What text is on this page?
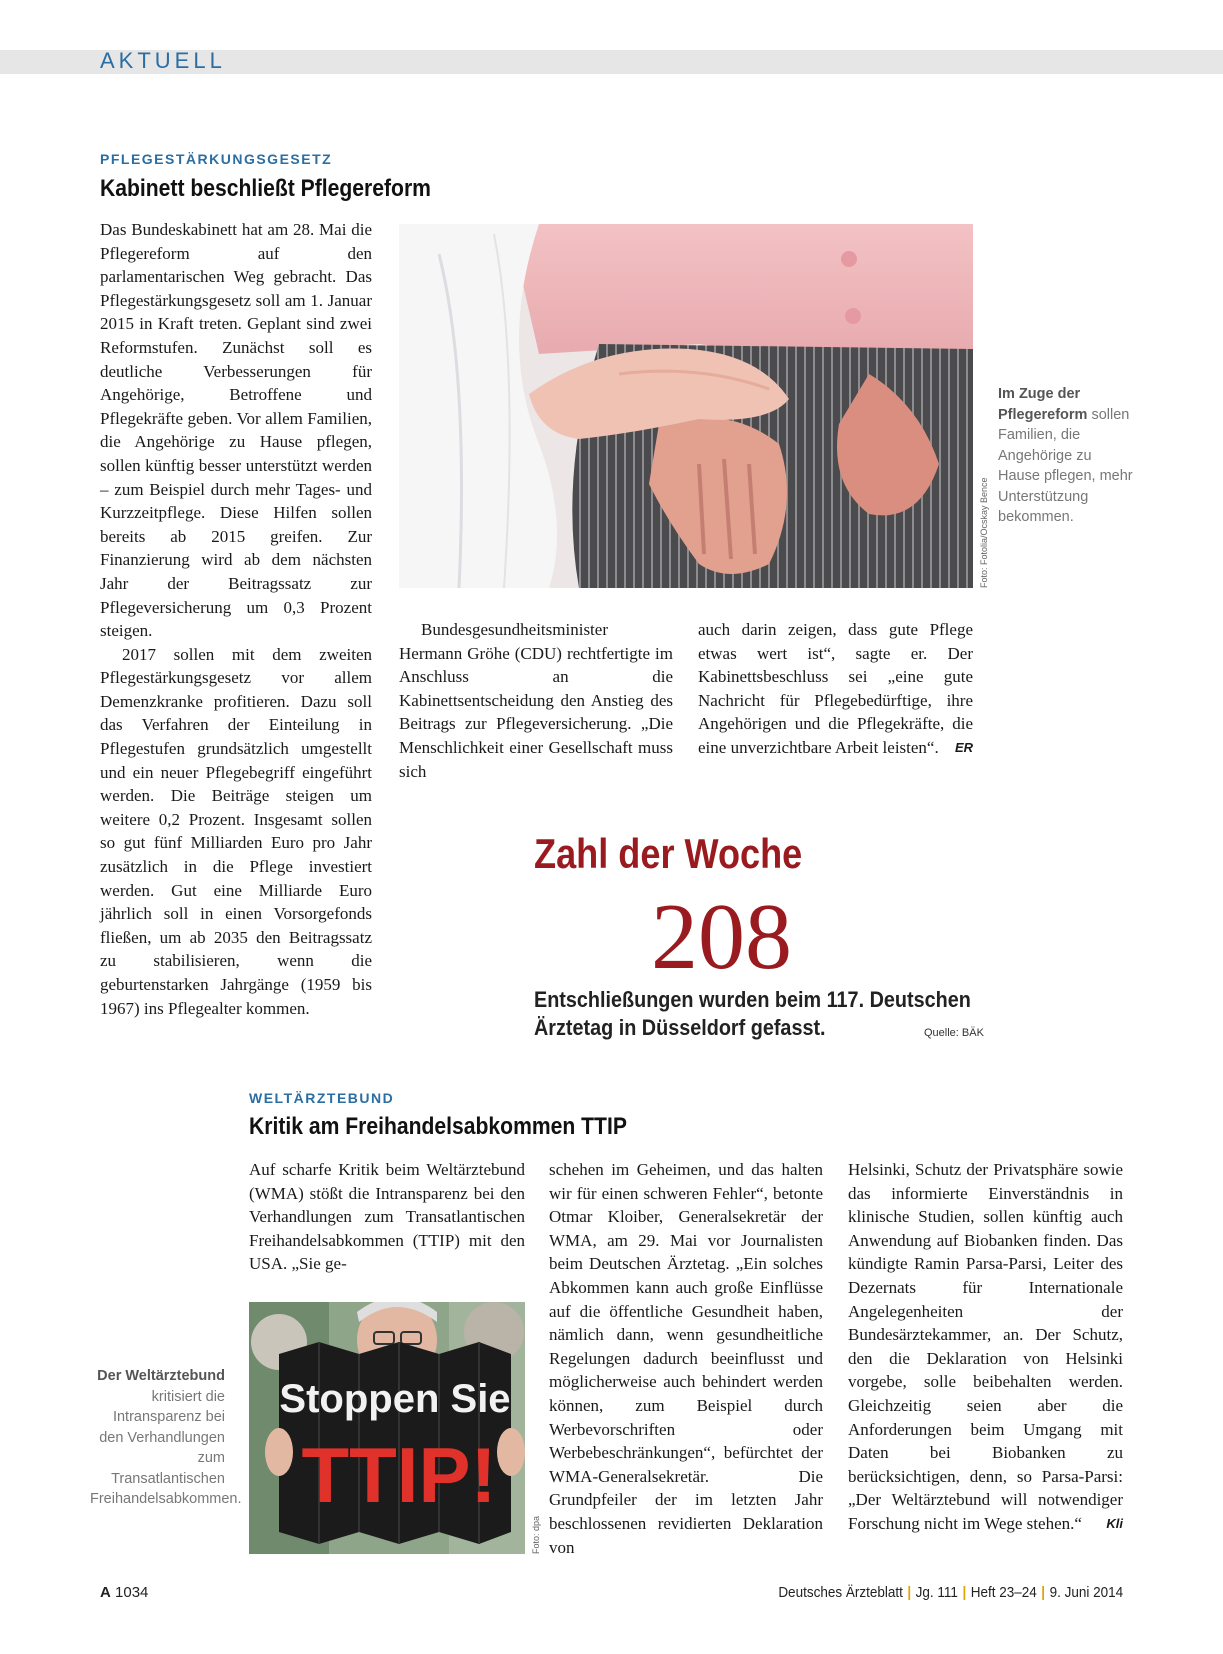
AKTUELL
PFLEGESTÄRKUNGSGESETZ
Kabinett beschließt Pflegereform

Das Bundeskabinett hat am 28. Mai die Pflegereform auf den parlamentarischen Weg gebracht. Das Pflegestärkungsgesetz soll am 1. Januar 2015 in Kraft treten. Geplant sind zwei Reformstufen. Zunächst soll es deutliche Verbesserungen für Angehörige, Betroffene und Pflegekräfte geben. Vor allem Familien, die Angehörige zu Hause pflegen, sollen künftig besser unterstützt werden – zum Beispiel durch mehr Tages- und Kurzzeitpflege. Diese Hilfen sollen bereits ab 2015 greifen. Zur Finanzierung wird ab dem nächsten Jahr der Beitragssatz zur Pflegeversicherung um 0,3 Prozent steigen.

2017 sollen mit dem zweiten Pflegestärkungsgesetz vor allem Demenzkranke profitieren. Dazu soll das Verfahren der Einteilung in Pflegestufen grundsätzlich umgestellt und ein neuer Pflegebegriff eingeführt werden. Die Beiträge steigen um weitere 0,2 Prozent. Insgesamt sollen so gut fünf Milliarden Euro pro Jahr zusätzlich in die Pflege investiert werden. Gut eine Milliarde Euro jährlich soll in einen Vorsorgefonds fließen, um ab 2035 den Beitragssatz zu stabilisieren, wenn die geburtenstarken Jahrgänge (1959 bis 1967) ins Pflegealter kommen.

Foto: Fotolia/Ocskay Bence
Im Zuge der Pflegereform sollen Familien, die Angehörige zu Hause pflegen, mehr Unterstützung bekommen.

Bundesgesundheitsminister Hermann Gröhe (CDU) rechtfertigte im Anschluss an die Kabinettsentscheidung den Anstieg des Beitrags zur Pflegeversicherung. „Die Menschlichkeit einer Gesellschaft muss sich

auch darin zeigen, dass gute Pflege etwas wert ist“, sagte er. Der Kabinettsbeschluss sei „eine gute Nachricht für Pflegebedürftige, ihre Angehörigen und die Pflegekräfte, die eine unverzichtbare Arbeit leisten“. ER

Zahl der Woche
208
Entschließungen wurden beim 117. Deutschen
Ärztetag in Düsseldorf gefasst.	Quelle: BÄK
WELTÄRZTEBUND
Kritik am Freihandelsabkommen TTIP

Auf scharfe Kritik beim Weltärztebund (WMA) stößt die Intransparenz bei den Verhandlungen zum Transatlantischen Freihandelsabkommen (TTIP) mit den USA. „Sie ge-

Stoppen Sie
TTIP!
Foto: dpa
Der Weltärztebund kritisiert die Intransparenz bei den Verhandlungen zum Transatlantischen Freihandelsabkommen.

schehen im Geheimen, und das halten wir für einen schweren Fehler“, betonte Otmar Kloiber, Generalsekretär der WMA, am 29. Mai vor Journalisten beim Deutschen Ärztetag. „Ein solches Abkommen kann auch große Einflüsse auf die öffentliche Gesundheit haben, nämlich dann, wenn gesundheitliche Regelungen dadurch beeinflusst und möglicherweise auch behindert werden können, zum Beispiel durch Werbevorschriften oder Werbebeschränkungen“, befürchtet der WMA-Generalsekretär. Die Grundpfeiler der im letzten Jahr beschlossenen revidierten Deklaration von

Helsinki, Schutz der Privatsphäre sowie das informierte Einverständnis in klinische Studien, sollen künftig auch Anwendung auf Biobanken finden. Das kündigte Ramin Parsa-Parsi, Leiter des Dezernats für Internationale Angelegenheiten der Bundesärztekammer, an. Der Schutz, den die Deklaration von Helsinki vorgebe, solle beibehalten werden. Gleichzeitig seien aber die Anforderungen beim Umgang mit Daten bei Biobanken zu berücksichtigen, denn, so Parsa-Parsi: „Der Weltärztebund will notwendiger Forschung nicht im Wege stehen.“ Kli

A 1034	Deutsches Ärzteblatt | Jg. 111 | Heft 23–24 | 9. Juni 2014
